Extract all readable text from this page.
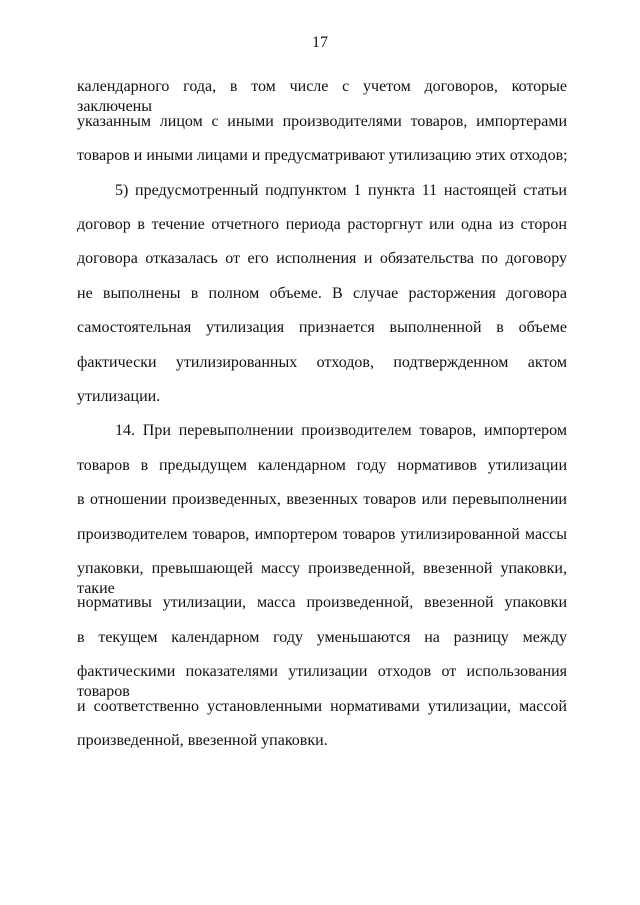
17
календарного года, в том числе с учетом договоров, которые заключены
указанным лицом с иными производителями товаров, импортерами
товаров и иными лицами и предусматривают утилизацию этих отходов;
5) предусмотренный подпунктом 1 пункта 11 настоящей статьи
договор в течение отчетного периода расторгнут или одна из сторон
договора отказалась от его исполнения и обязательства по договору
не выполнены в полном объеме. В случае расторжения договора
самостоятельная утилизация признается выполненной в объеме
фактически утилизированных отходов, подтвержденном актом
утилизации.
14. При перевыполнении производителем товаров, импортером
товаров в предыдущем календарном году нормативов утилизации
в отношении произведенных, ввезенных товаров или перевыполнении
производителем товаров, импортером товаров утилизированной массы
упаковки, превышающей массу произведенной, ввезенной упаковки, такие
нормативы утилизации, масса произведенной, ввезенной упаковки
в текущем календарном году уменьшаются на разницу между
фактическими показателями утилизации отходов от использования товаров
и соответственно установленными нормативами утилизации, массой
произведенной, ввезенной упаковки.
